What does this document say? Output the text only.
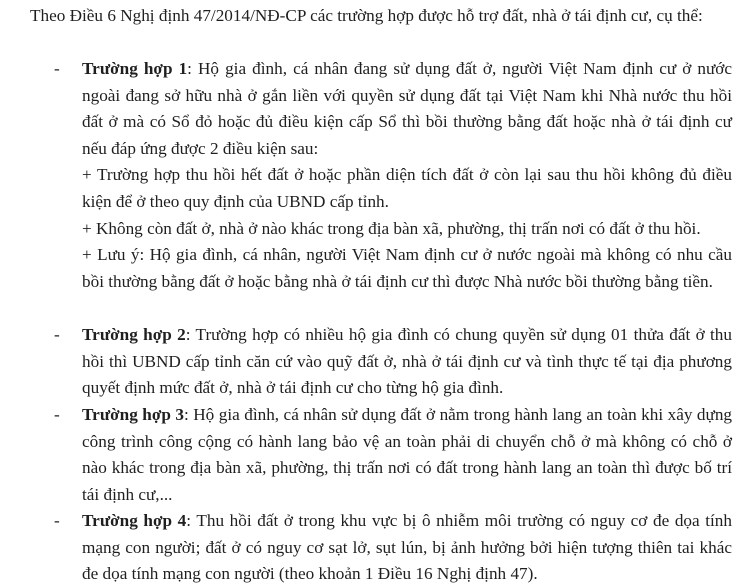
Theo Điều 6 Nghị định 47/2014/NĐ-CP các trường hợp được hỗ trợ đất, nhà ở tái định cư, cụ thể:

-	Trường hợp 1: Hộ gia đình, cá nhân đang sử dụng đất ở, người Việt Nam định cư ở nước ngoài đang sở hữu nhà ở gắn liền với quyền sử dụng đất tại Việt Nam khi Nhà nước thu hồi đất ở mà có Sổ đỏ hoặc đủ điều kiện cấp Sổ thì bồi thường bằng đất hoặc nhà ở tái định cư nếu đáp ứng được 2 điều kiện sau:
+ Trường hợp thu hồi hết đất ở hoặc phần diện tích đất ở còn lại sau thu hồi không đủ điều kiện để ở theo quy định của UBND cấp tỉnh.
+ Không còn đất ở, nhà ở nào khác trong địa bàn xã, phường, thị trấn nơi có đất ở thu hồi.
+ Lưu ý: Hộ gia đình, cá nhân, người Việt Nam định cư ở nước ngoài mà không có nhu cầu bồi thường bằng đất ở hoặc bằng nhà ở tái định cư thì được Nhà nước bồi thường bằng tiền.
-	Trường hợp 2: Trường hợp có nhiều hộ gia đình có chung quyền sử dụng 01 thửa đất ở thu hồi thì UBND cấp tỉnh căn cứ vào quỹ đất ở, nhà ở tái định cư và tình thực tế tại địa phương quyết định mức đất ở, nhà ở tái định cư cho từng hộ gia đình.
-	Trường hợp 3: Hộ gia đình, cá nhân sử dụng đất ở nằm trong hành lang an toàn khi xây dựng công trình công cộng có hành lang bảo vệ an toàn phải di chuyển chỗ ở mà không có chỗ ở nào khác trong địa bàn xã, phường, thị trấn nơi có đất trong hành lang an toàn thì được bố trí tái định cư,...
-	Trường hợp 4: Thu hồi đất ở trong khu vực bị ô nhiễm môi trường có nguy cơ đe dọa tính mạng con người; đất ở có nguy cơ sạt lở, sụt lún, bị ảnh hưởng bởi hiện tượng thiên tai khác đe dọa tính mạng con người (theo khoản 1 Điều 16 Nghị định 47).
